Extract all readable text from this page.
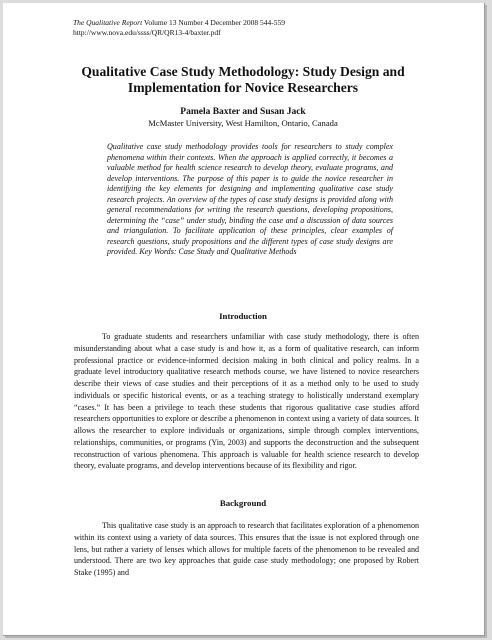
The Qualitative Report Volume 13 Number 4 December 2008 544-559
http://www.nova.edu/ssss/QR/QR13-4/baxter.pdf
Qualitative Case Study Methodology: Study Design and
Implementation for Novice Researchers
Pamela Baxter and Susan Jack
McMaster University, West Hamilton, Ontario, Canada

Qualitative case study methodology provides tools for researchers to study complex phenomena within their contexts. When the approach is applied correctly, it becomes a valuable method for health science research to develop theory, evaluate programs, and develop interventions. The purpose of this paper is to guide the novice researcher in identifying the key elements for designing and implementing qualitative case study research projects. An overview of the types of case study designs is provided along with general recommendations for writing the research questions, developing propositions, determining the “case” under study, binding the case and a discussion of data sources and triangulation. To facilitate application of these principles, clear examples of research questions, study propositions and the different types of case study designs are provided. Key Words: Case Study and Qualitative Methods

Introduction

To graduate students and researchers unfamiliar with case study methodology, there is often misunderstanding about what a case study is and how it, as a form of qualitative research, can inform professional practice or evidence-informed decision making in both clinical and policy realms. In a graduate level introductory qualitative research methods course, we have listened to novice researchers describe their views of case studies and their perceptions of it as a method only to be used to study individuals or specific historical events, or as a teaching strategy to holistically understand exemplary “cases.” It has been a privilege to teach these students that rigorous qualitative case studies afford researchers opportunities to explore or describe a phenomenon in context using a variety of data sources. It allows the researcher to explore individuals or organizations, simple through complex interventions, relationships, communities, or programs (Yin, 2003) and supports the deconstruction and the subsequent reconstruction of various phenomena. This approach is valuable for health science research to develop theory, evaluate programs, and develop interventions because of its flexibility and rigor.

Background

This qualitative case study is an approach to research that facilitates exploration of a phenomenon within its context using a variety of data sources. This ensures that the issue is not explored through one lens, but rather a variety of lenses which allows for multiple facets of the phenomenon to be revealed and understood. There are two key approaches that guide case study methodology; one proposed by Robert Stake (1995) and
